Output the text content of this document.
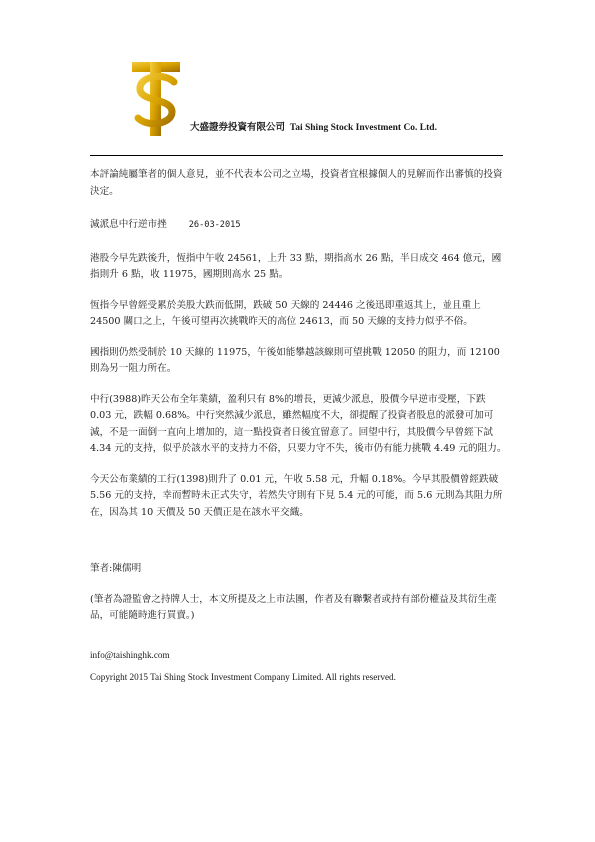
大盛證券投資有限公司 Tai Shing Stock Investment Co. Ltd.

本評論純屬筆者的個人意見，並不代表本公司之立場，投資者宜根據個人的見解而作出審慎的投資決定。

減派息中行逆市挫	26-03-2015

港股今早先跌後升，恆指中午收 24561，上升 33 點，期指高水 26 點，半日成交 464 億元，國指則升 6 點，收 11975，國期則高水 25 點。

恆指今早曾經受累於美股大跌而低開，跌破 50 天線的 24446 之後迅即重返其上，並且重上 24500 關口之上，午後可望再次挑戰昨天的高位 24613，而 50 天線的支持力似乎不俗。

國指則仍然受制於 10 天線的 11975，午後如能攀越該線則可望挑戰 12050 的阻力，而 12100 則為另一阻力所在。

中行(3988)昨天公布全年業績，盈利只有 8%的增長，更減少派息，股價今早逆市受壓，下跌 0.03 元，跌幅 0.68%。中行突然減少派息，雖然幅度不大，卻提醒了投資者股息的派發可加可減，不是一面倒一直向上增加的，這一點投資者日後宜留意了。回望中行，其股價今早曾經下試 4.34 元的支持，似乎於該水平的支持力不俗，只要力守不失，後市仍有能力挑戰 4.49 元的阻力。

今天公布業績的工行(1398)則升了 0.01 元，午收 5.58 元，升幅 0.18%。今早其股價曾經跌破 5.56 元的支持，幸而暫時未正式失守，若然失守則有下見 5.4 元的可能，而 5.6 元則為其阻力所在，因為其 10 天價及 50 天價正是在該水平交織。

筆者:陳儒明

(筆者為證監會之持牌人士，本文所提及之上市法團，作者及有聯繫者或持有部份權益及其衍生產品，可能隨時進行買賣。)

info@taishinghk.com

Copyright 2015 Tai Shing Stock Investment Company Limited. All rights reserved.
